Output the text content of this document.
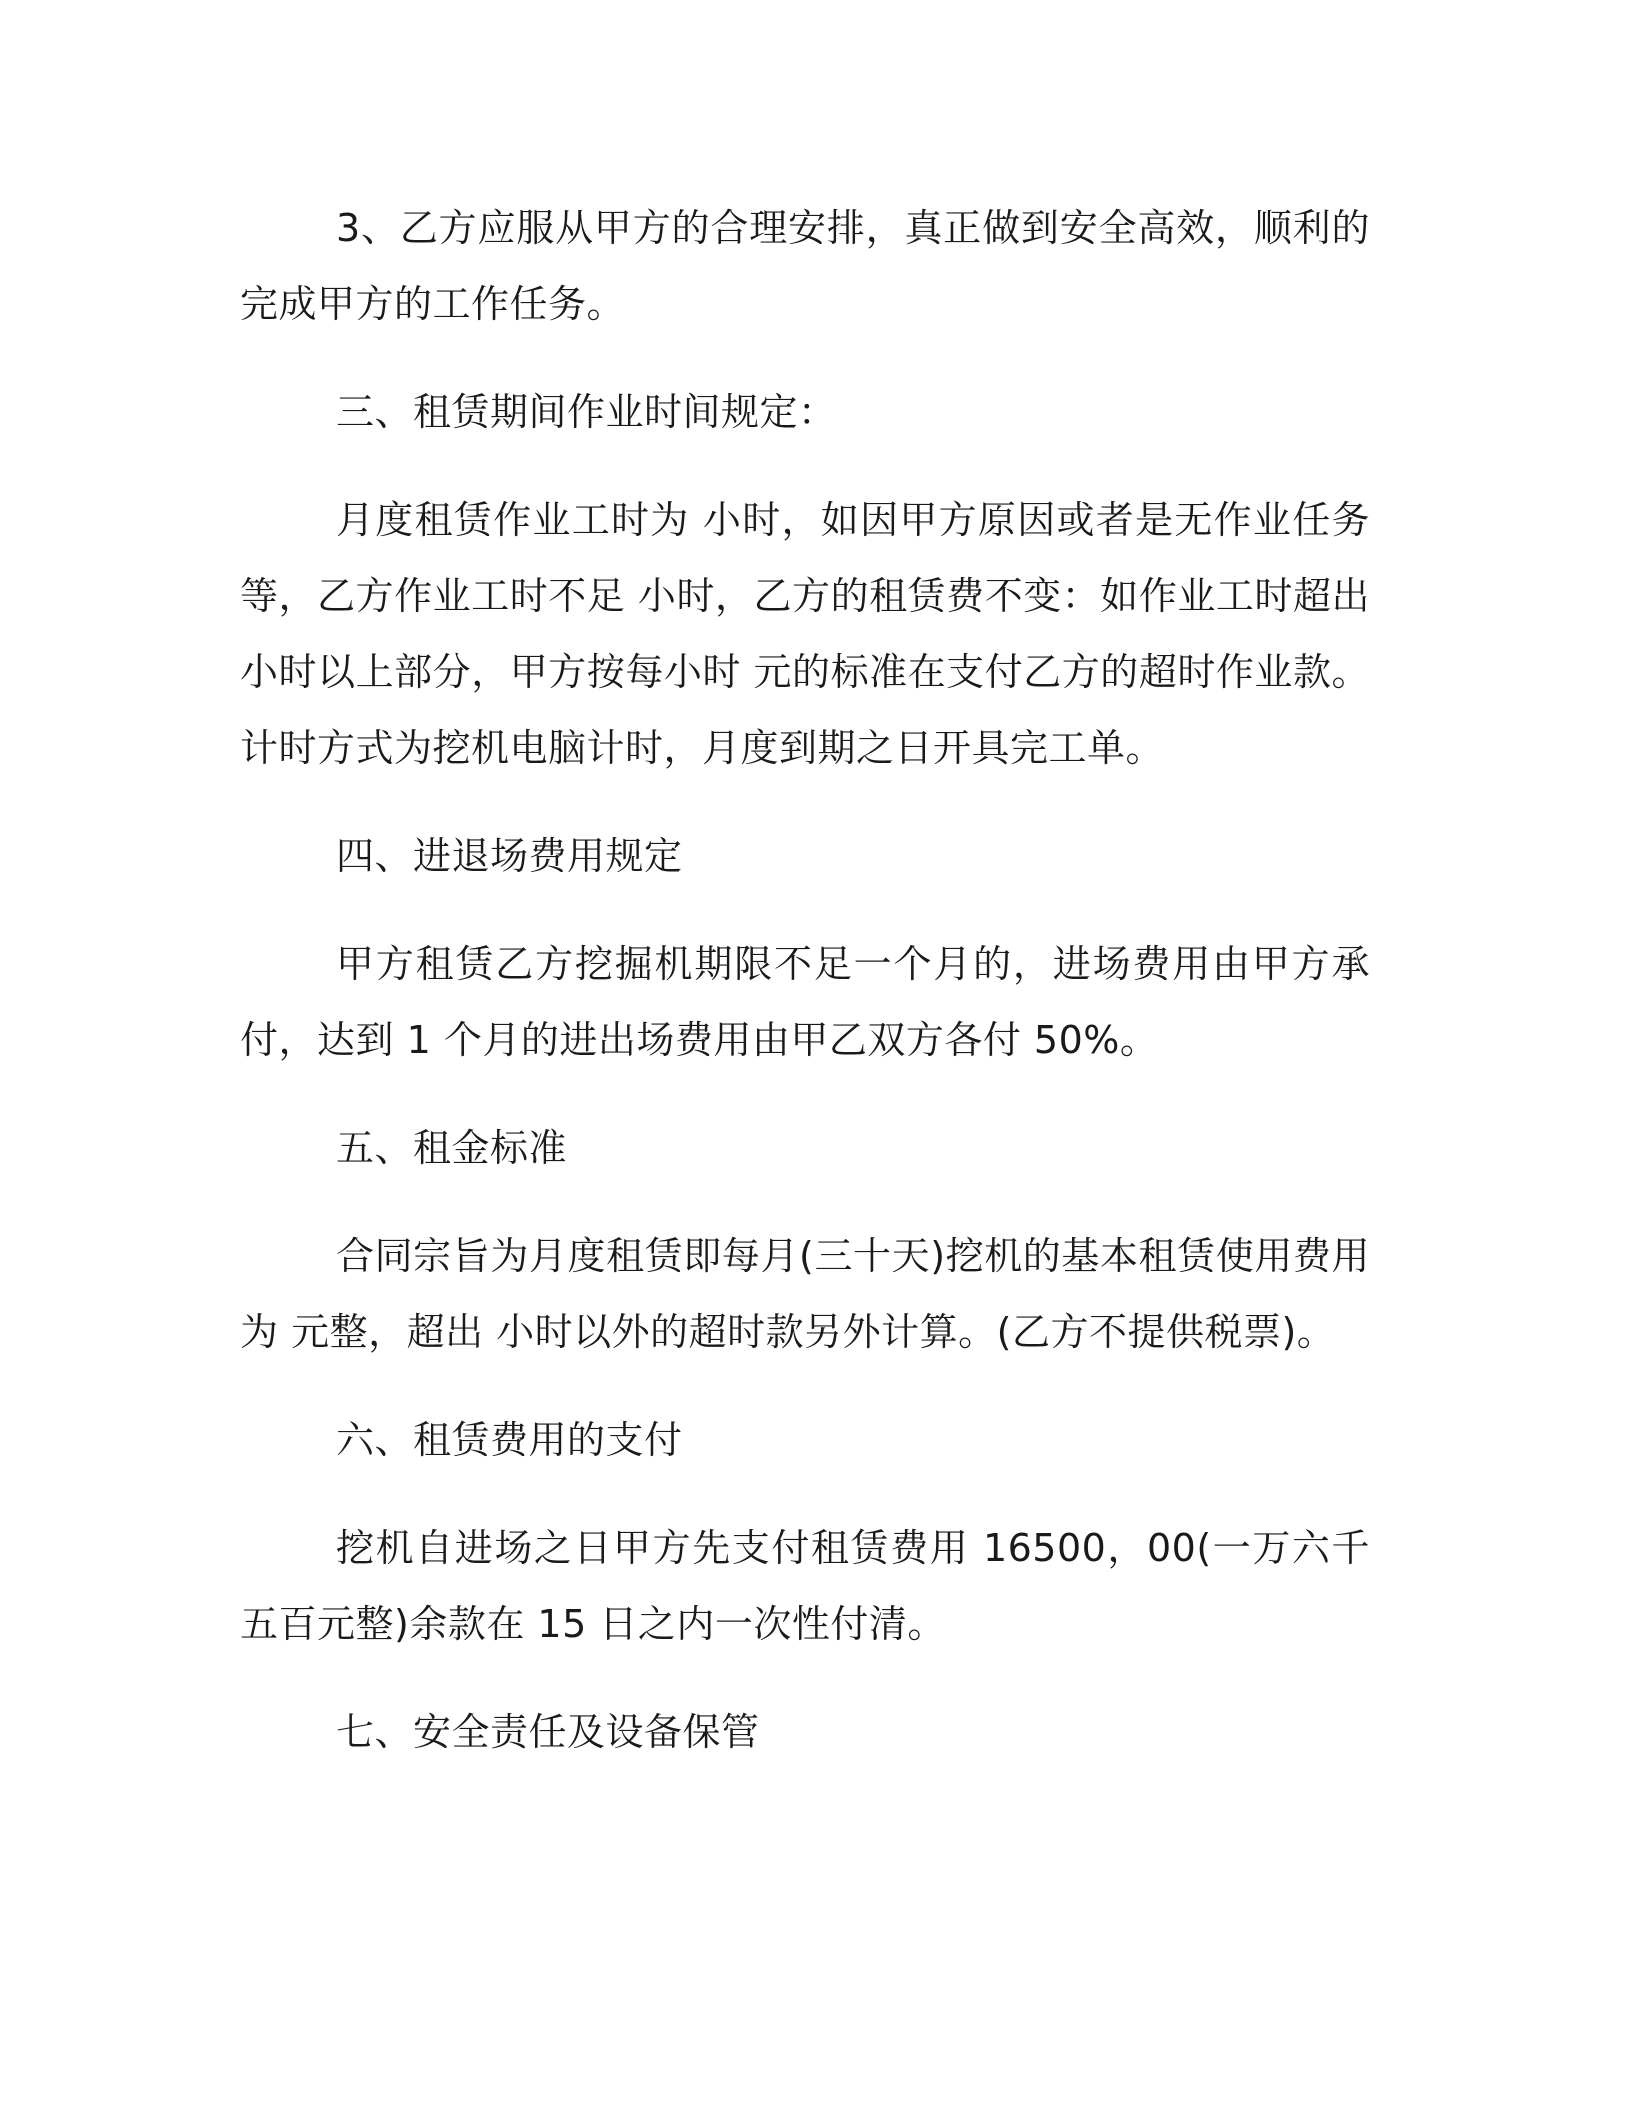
3、乙方应服从甲方的合理安排，真正做到安全高效，顺利的完成甲方的工作任务。

三、租赁期间作业时间规定：

月度租赁作业工时为 小时，如因甲方原因或者是无作业任务等，乙方作业工时不足 小时，乙方的租赁费不变：如作业工时超出 小时以上部分，甲方按每小时 元的标准在支付乙方的超时作业款。计时方式为挖机电脑计时，月度到期之日开具完工单。

四、进退场费用规定

甲方租赁乙方挖掘机期限不足一个月的，进场费用由甲方承付，达到 1 个月的进出场费用由甲乙双方各付 50%。

五、租金标准

合同宗旨为月度租赁即每月(三十天)挖机的基本租赁使用费用为 元整，超出 小时以外的超时款另外计算。(乙方不提供税票)。

六、租赁费用的支付

挖机自进场之日甲方先支付租赁费用 16500，00(一万六千五百元整)余款在 15 日之内一次性付清。

七、安全责任及设备保管
